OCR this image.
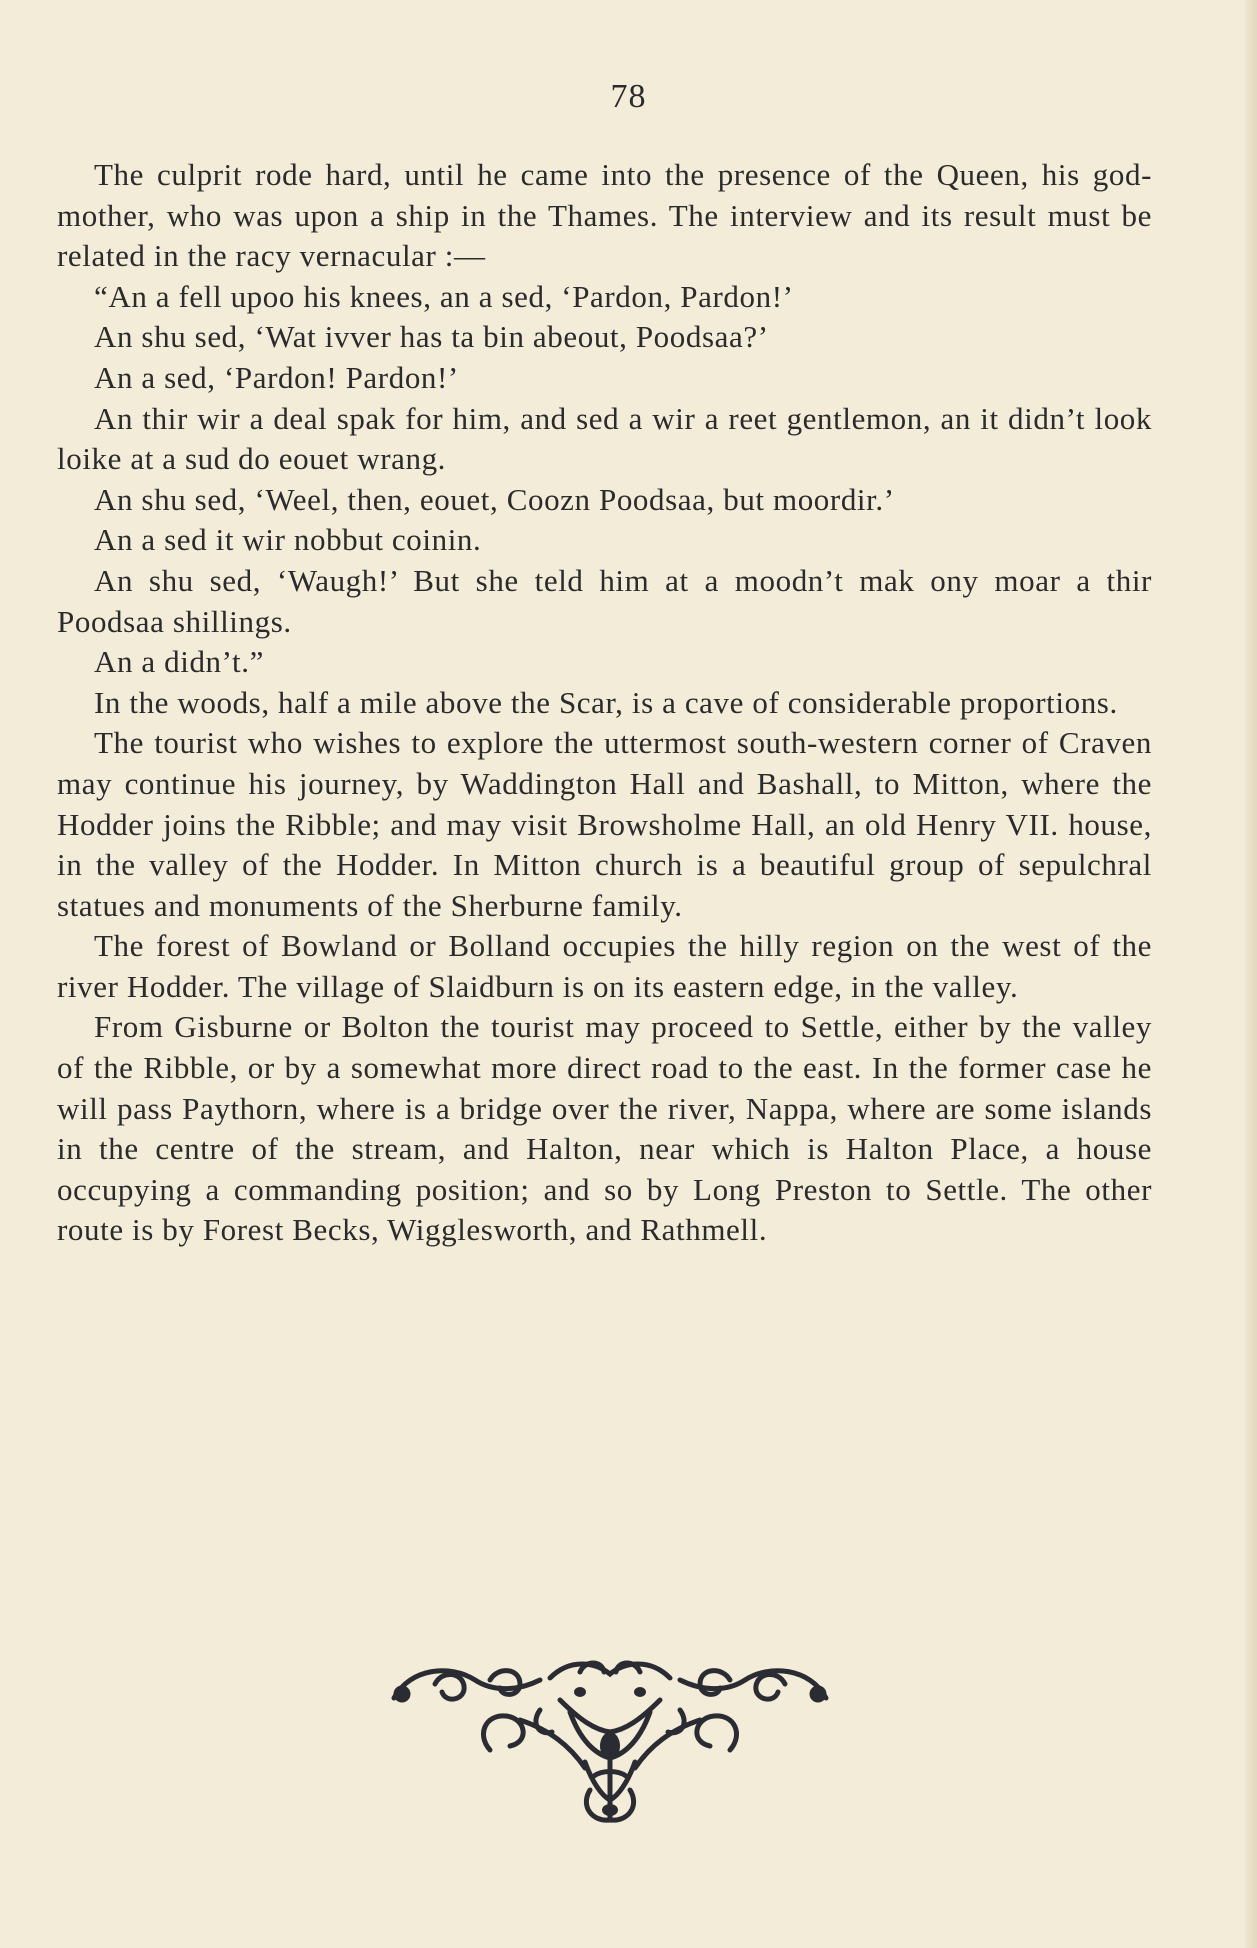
78

The culprit rode hard, until he came into the presence of the Queen, his god-mother, who was upon a ship in the Thames. The interview and its result must be related in the racy vernacular :—

“An a fell upoo his knees, an a sed, ‘Pardon, Pardon!’

An shu sed, ‘Wat ivver has ta bin abeout, Poodsaa?’

An a sed, ‘Pardon! Pardon!’

An thir wir a deal spak for him, and sed a wir a reet gentlemon, an it didn’t look loike at a sud do eouet wrang.

An shu sed, ‘Weel, then, eouet, Coozn Poodsaa, but moordir.’

An a sed it wir nobbut coinin.

An shu sed, ‘Waugh!’ But she teld him at a moodn’t mak ony moar a thir Poodsaa shillings.

An a didn’t.”

In the woods, half a mile above the Scar, is a cave of considerable proportions.

The tourist who wishes to explore the uttermost south-western corner of Craven may continue his journey, by Waddington Hall and Bashall, to Mitton, where the Hodder joins the Ribble; and may visit Browsholme Hall, an old Henry VII. house, in the valley of the Hodder. In Mitton church is a beautiful group of sepulchral statues and monuments of the Sherburne family.

The forest of Bowland or Bolland occupies the hilly region on the west of the river Hodder. The village of Slaidburn is on its eastern edge, in the valley.

From Gisburne or Bolton the tourist may proceed to Settle, either by the valley of the Ribble, or by a somewhat more direct road to the east. In the former case he will pass Paythorn, where is a bridge over the river, Nappa, where are some islands in the centre of the stream, and Halton, near which is Halton Place, a house occupying a commanding position; and so by Long Preston to Settle. The other route is by Forest Becks, Wigglesworth, and Rathmell.
